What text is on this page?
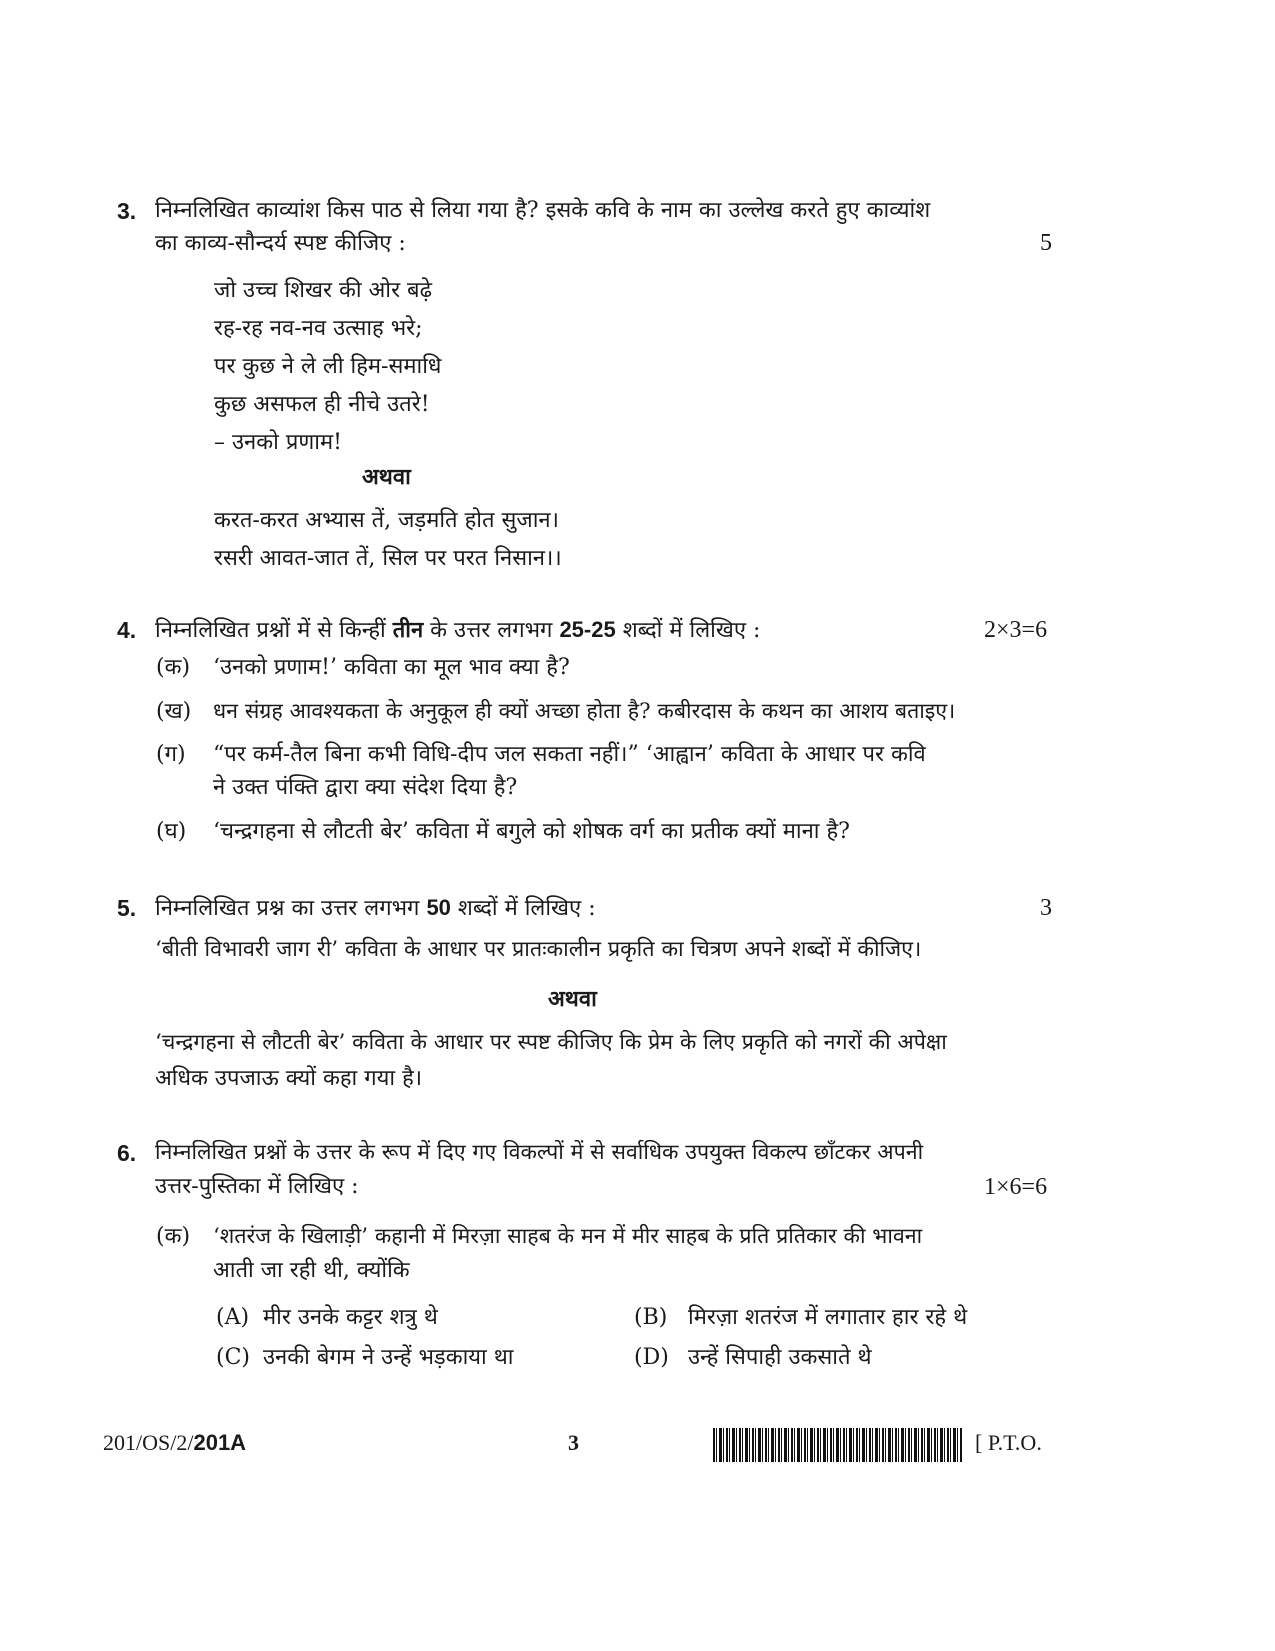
3. निम्नलिखित काव्यांश किस पाठ से लिया गया है? इसके कवि के नाम का उल्लेख करते हुए काव्यांश
का काव्य-सौन्दर्य स्पष्ट कीजिए :	5
जो उच्च शिखर की ओर बढ़े
रह-रह नव-नव उत्साह भरे;
पर कुछ ने ले ली हिम-समाधि
कुछ असफल ही नीचे उतरे!
– उनको प्रणाम!
अथवा
करत-करत अभ्यास तें, जड़मति होत सुजान।
रसरी आवत-जात तें, सिल पर परत निसान।।
4. निम्नलिखित प्रश्नों में से किन्हीं तीन के उत्तर लगभग 25-25 शब्दों में लिखिए :	2×3=6
(क) ‘उनको प्रणाम!’ कविता का मूल भाव क्या है?
(ख) धन संग्रह आवश्यकता के अनुकूल ही क्यों अच्छा होता है? कबीरदास के कथन का आशय बताइए।
(ग) “पर कर्म-तैल बिना कभी विधि-दीप जल सकता नहीं।” ‘आह्वान’ कविता के आधार पर कवि
ने उक्त पंक्ति द्वारा क्या संदेश दिया है?
(घ) ‘चन्द्रगहना से लौटती बेर’ कविता में बगुले को शोषक वर्ग का प्रतीक क्यों माना है?
5. निम्नलिखित प्रश्न का उत्तर लगभग 50 शब्दों में लिखिए :	3
‘बीती विभावरी जाग री’ कविता के आधार पर प्रातःकालीन प्रकृति का चित्रण अपने शब्दों में कीजिए।
अथवा
‘चन्द्रगहना से लौटती बेर’ कविता के आधार पर स्पष्ट कीजिए कि प्रेम के लिए प्रकृति को नगरों की अपेक्षा
अधिक उपजाऊ क्यों कहा गया है।
6. निम्नलिखित प्रश्नों के उत्तर के रूप में दिए गए विकल्पों में से सर्वाधिक उपयुक्त विकल्प छाँटकर अपनी
उत्तर-पुस्तिका में लिखिए :	1×6=6
(क) ‘शतरंज के खिलाड़ी’ कहानी में मिरज़ा साहब के मन में मीर साहब के प्रति प्रतिकार की भावना
आती जा रही थी, क्योंकि
(A) मीर उनके कट्टर शत्रु थे	(B) मिरज़ा शतरंज में लगातार हार रहे थे
(C) उनकी बेगम ने उन्हें भड़काया था	(D) उन्हें सिपाही उकसाते थे
201/OS/2/201A	3	[ P.T.O.
